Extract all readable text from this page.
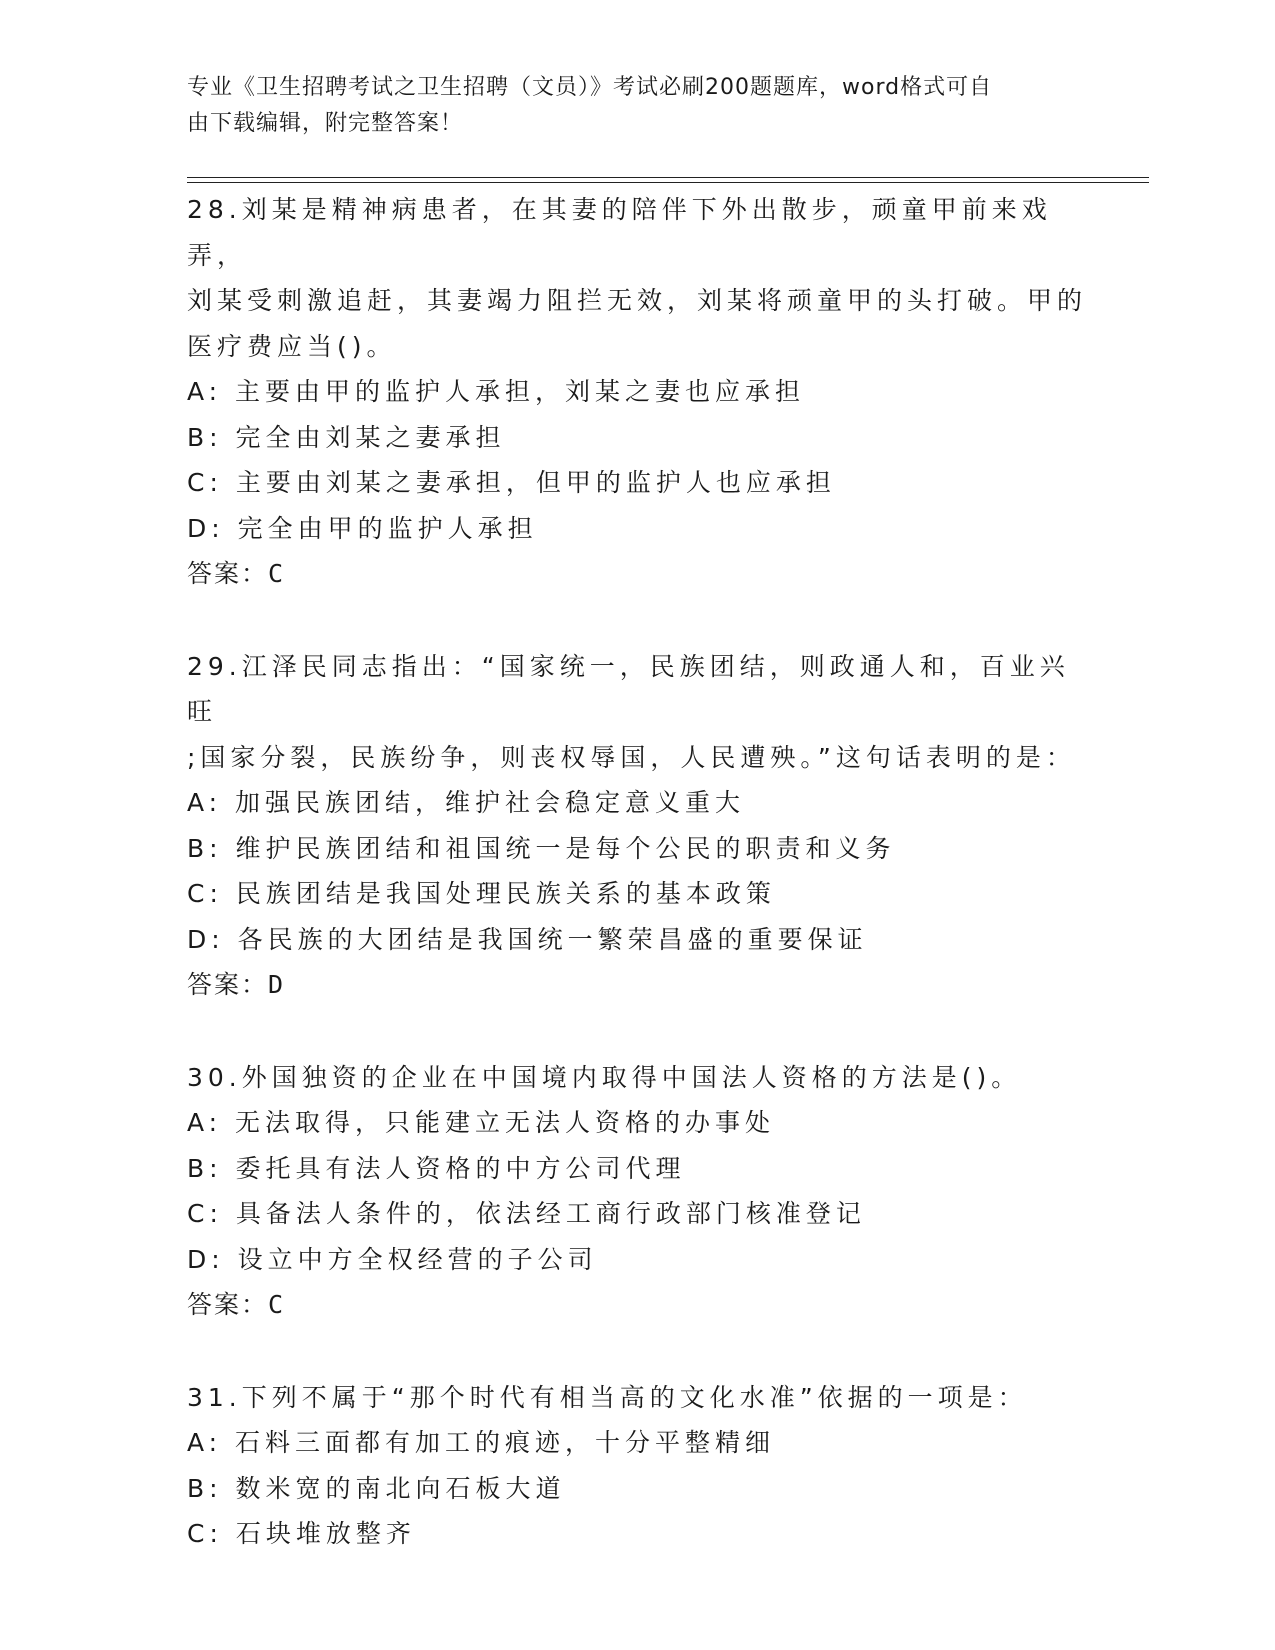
专业《卫生招聘考试之卫生招聘（文员）》考试必刷200题题库，word格式可自
由下载编辑，附完整答案！
28.刘某是精神病患者，在其妻的陪伴下外出散步，顽童甲前来戏弄，
刘某受刺激追赶，其妻竭力阻拦无效，刘某将顽童甲的头打破。甲的
医疗费应当()。
A: 主要由甲的监护人承担，刘某之妻也应承担
B: 完全由刘某之妻承担
C: 主要由刘某之妻承担，但甲的监护人也应承担
D: 完全由甲的监护人承担
答案：C
29.江泽民同志指出：“国家统一，民族团结，则政通人和，百业兴旺
;国家分裂，民族纷争，则丧权辱国，人民遭殃。”这句话表明的是：
A: 加强民族团结，维护社会稳定意义重大
B: 维护民族团结和祖国统一是每个公民的职责和义务
C: 民族团结是我国处理民族关系的基本政策
D: 各民族的大团结是我国统一繁荣昌盛的重要保证
答案：D
30.外国独资的企业在中国境内取得中国法人资格的方法是()。
A: 无法取得，只能建立无法人资格的办事处
B: 委托具有法人资格的中方公司代理
C: 具备法人条件的，依法经工商行政部门核准登记
D: 设立中方全权经营的子公司
答案：C
31.下列不属于“那个时代有相当高的文化水准”依据的一项是：
A: 石料三面都有加工的痕迹，十分平整精细
B: 数米宽的南北向石板大道
C: 石块堆放整齐
